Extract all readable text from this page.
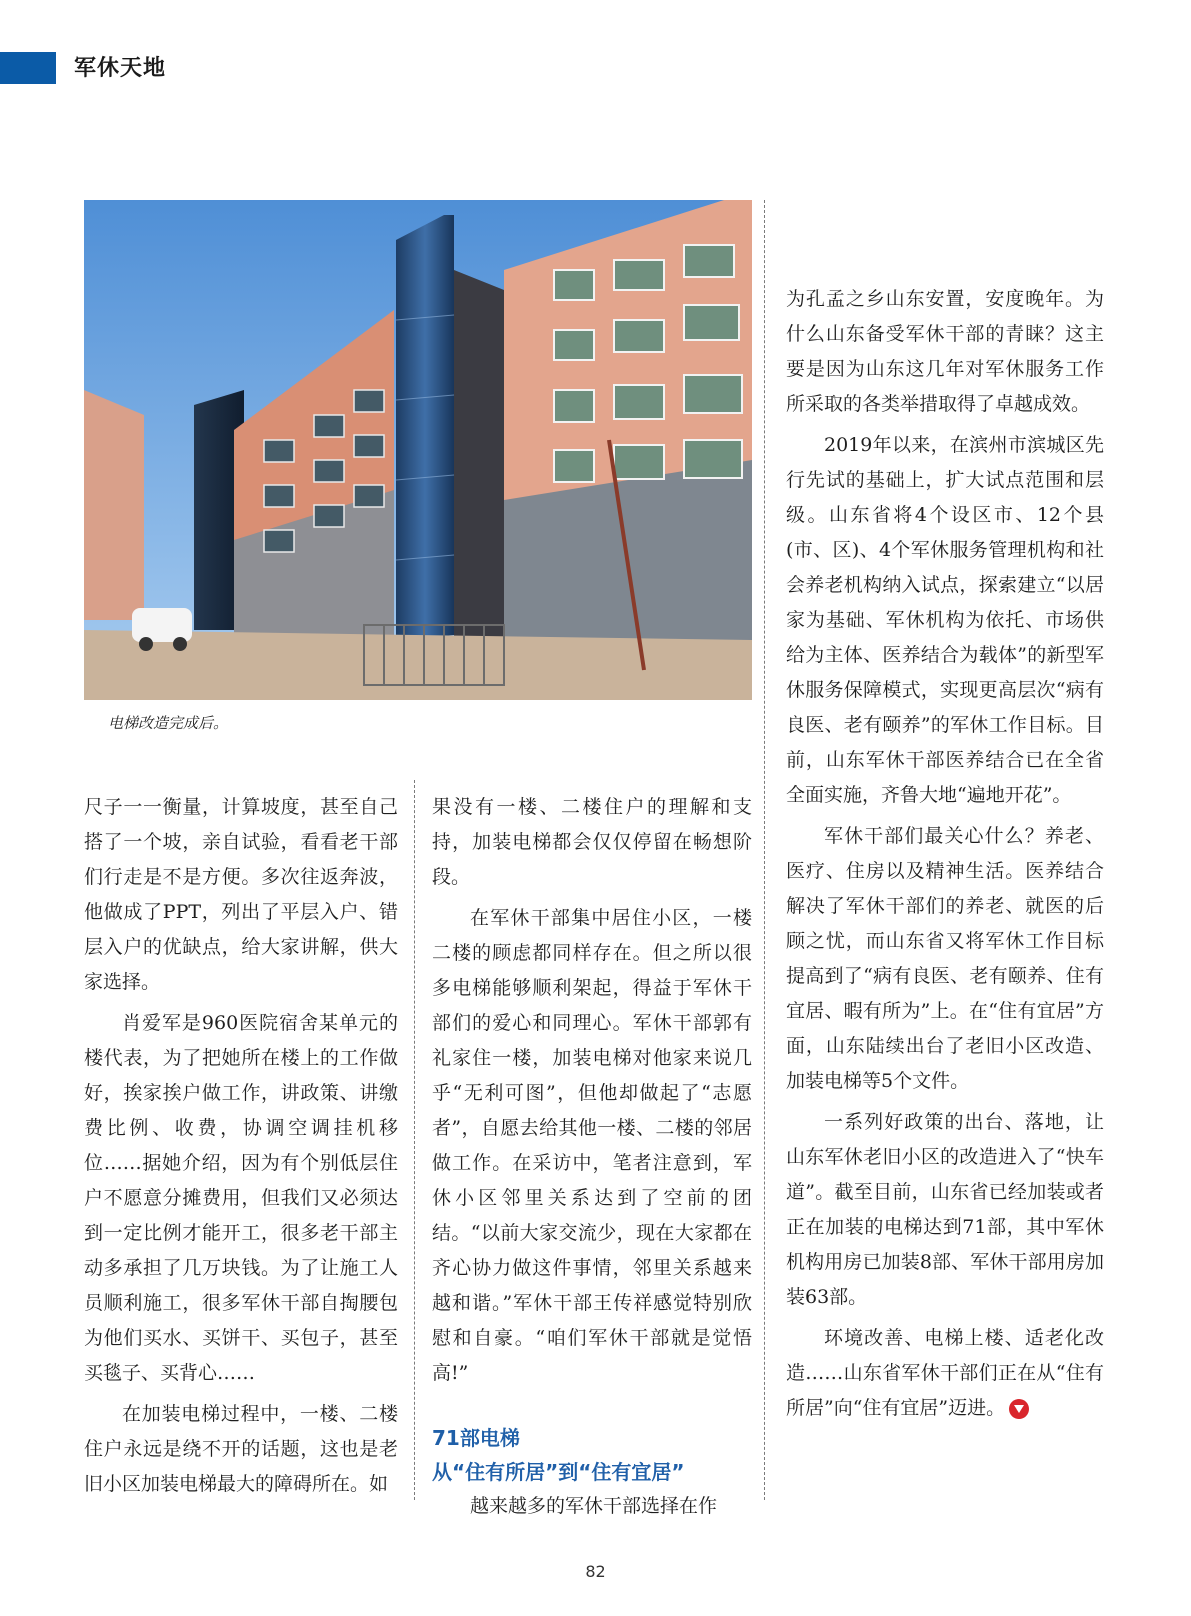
军休天地
电梯改造完成后。

尺子一一衡量，计算坡度，甚至自己搭了一个坡，亲自试验，看看老干部们行走是不是方便。多次往返奔波，他做成了PPT，列出了平层入户、错层入户的优缺点，给大家讲解，供大家选择。

肖爱军是960医院宿舍某单元的楼代表，为了把她所在楼上的工作做好，挨家挨户做工作，讲政策、讲缴费比例、收费，协调空调挂机移位……据她介绍，因为有个别低层住户不愿意分摊费用，但我们又必须达到一定比例才能开工，很多老干部主动多承担了几万块钱。为了让施工人员顺利施工，很多军休干部自掏腰包为他们买水、买饼干、买包子，甚至买毯子、买背心……

在加装电梯过程中，一楼、二楼住户永远是绕不开的话题，这也是老旧小区加装电梯最大的障碍所在。如

果没有一楼、二楼住户的理解和支持，加装电梯都会仅仅停留在畅想阶段。

在军休干部集中居住小区，一楼二楼的顾虑都同样存在。但之所以很多电梯能够顺利架起，得益于军休干部们的爱心和同理心。军休干部郭有礼家住一楼，加装电梯对他家来说几乎“无利可图”，但他却做起了“志愿者”，自愿去给其他一楼、二楼的邻居做工作。在采访中，笔者注意到，军休小区邻里关系达到了空前的团结。“以前大家交流少，现在大家都在齐心协力做这件事情，邻里关系越来越和谐。”军休干部王传祥感觉特别欣慰和自豪。“咱们军休干部就是觉悟高!”

71部电梯
从“住有所居”到“住有宜居”

越来越多的军休干部选择在作

为孔孟之乡山东安置，安度晚年。为什么山东备受军休干部的青睐？这主要是因为山东这几年对军休服务工作所采取的各类举措取得了卓越成效。

2019年以来，在滨州市滨城区先行先试的基础上，扩大试点范围和层级。山东省将4个设区市、12个县(市、区)、4个军休服务管理机构和社会养老机构纳入试点，探索建立“以居家为基础、军休机构为依托、市场供给为主体、医养结合为载体”的新型军休服务保障模式，实现更高层次“病有良医、老有颐养”的军休工作目标。目前，山东军休干部医养结合已在全省全面实施，齐鲁大地“遍地开花”。

军休干部们最关心什么？养老、医疗、住房以及精神生活。医养结合解决了军休干部们的养老、就医的后顾之忧，而山东省又将军休工作目标提高到了“病有良医、老有颐养、住有宜居、暇有所为”上。在“住有宜居”方面，山东陆续出台了老旧小区改造、加装电梯等5个文件。

一系列好政策的出台、落地，让山东军休老旧小区的改造进入了“快车道”。截至目前，山东省已经加装或者正在加装的电梯达到71部，其中军休机构用房已加装8部、军休干部用房加装63部。

环境改善、电梯上楼、适老化改造……山东省军休干部们正在从“住有所居”向“住有宜居”迈进。

82
